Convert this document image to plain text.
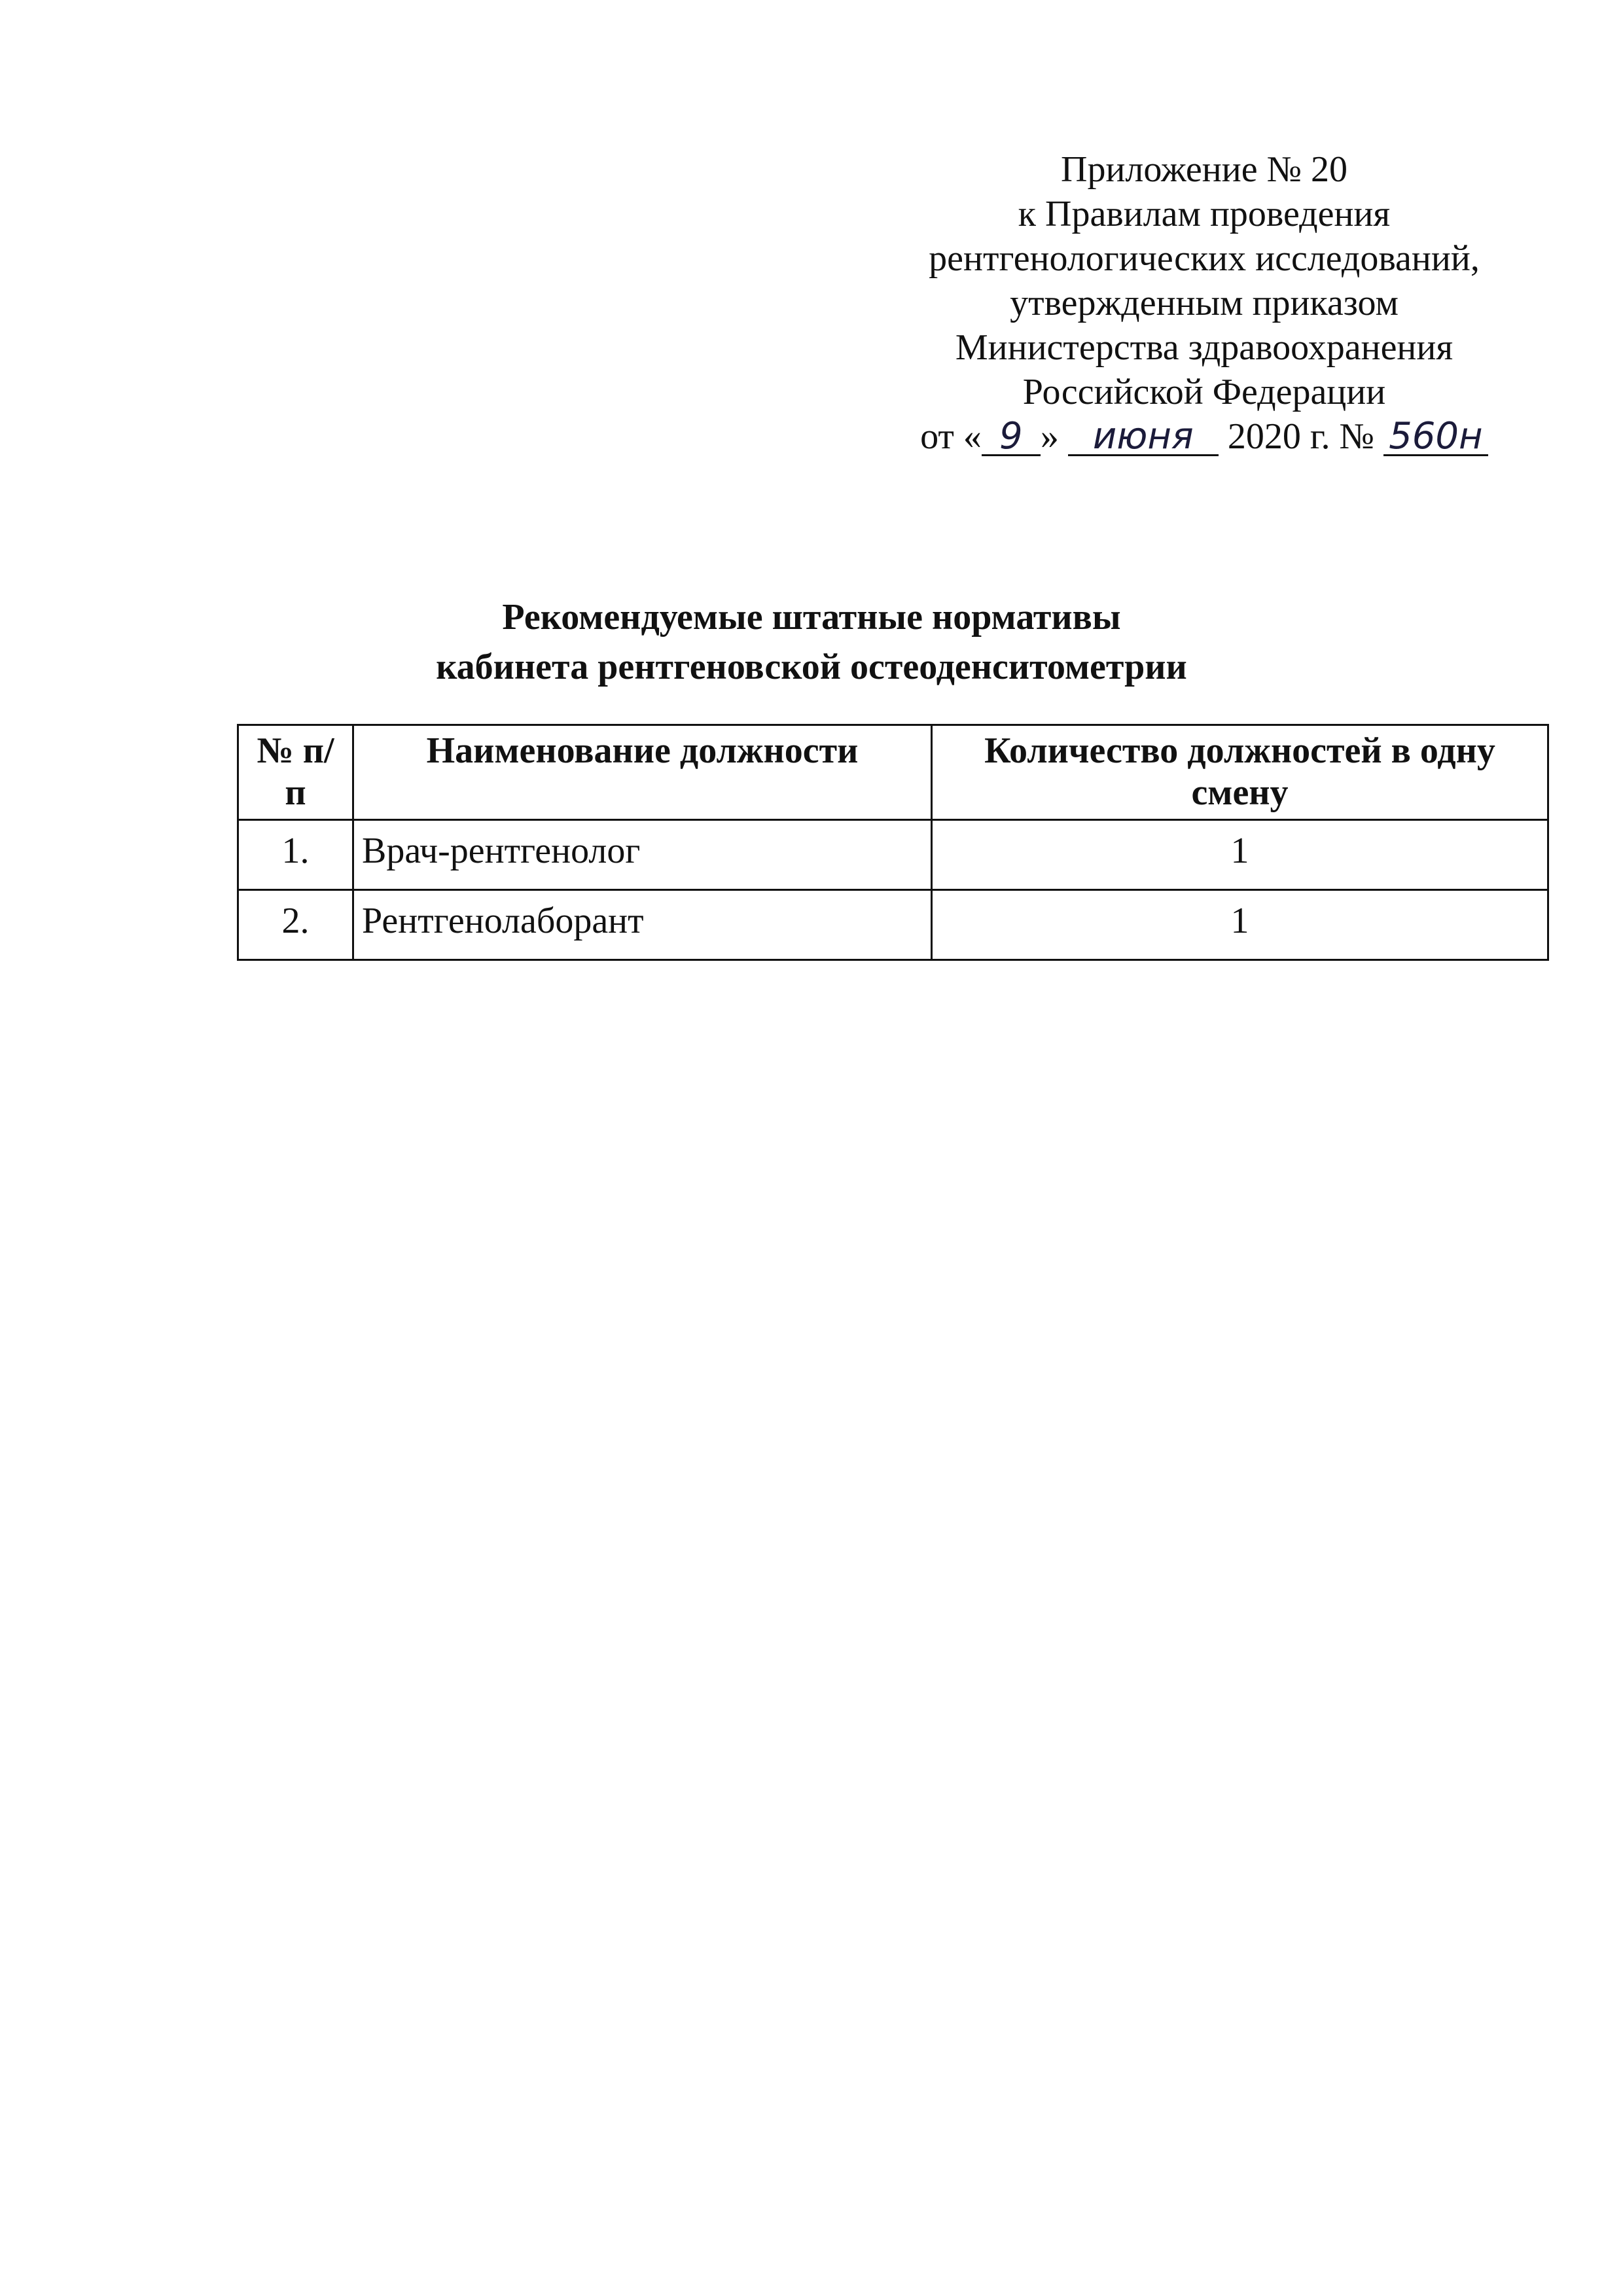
Приложение № 20
к Правилам проведения
рентгенологических исследований,
утвержденным приказом
Министерства здравоохранения
Российской Федерации
от « 9 » июня 2020 г. № 560н
Рекомендуемые штатные нормативы
кабинета рентгеновской остеоденситометрии
№ п/п	Наименование должности	Количество должностей в одну смену
1.	Врач-рентгенолог	1
2.	Рентгенолаборант	1
